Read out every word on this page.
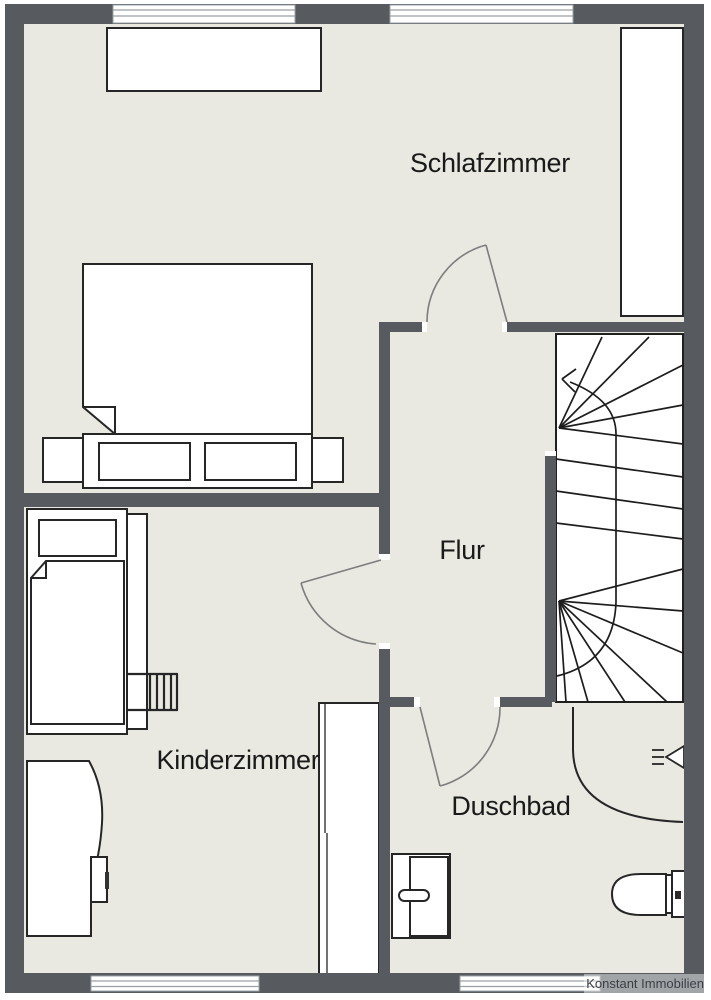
Schlafzimmer
Flur
Kinderzimmer
Duschbad
Konstant Immobilien
